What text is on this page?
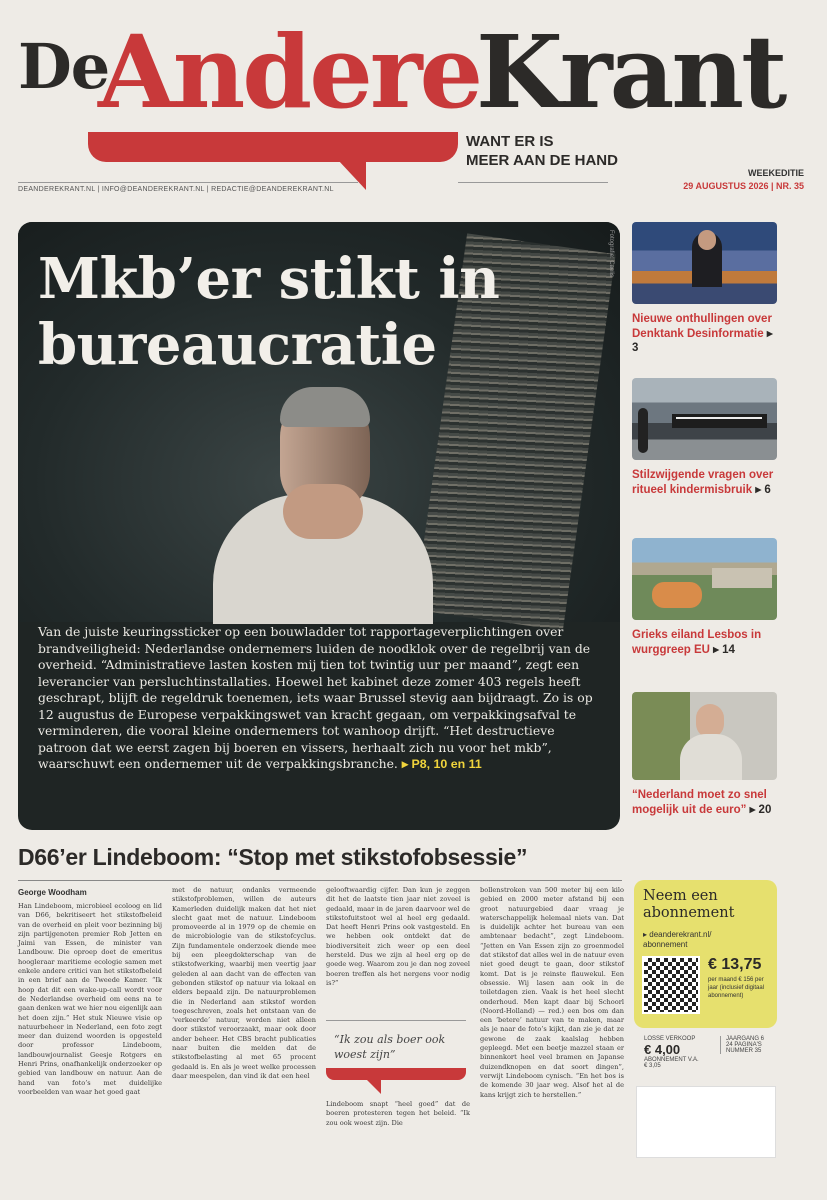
De
Andere
Krant
WANT ER IS
MEER AAN DE HAND
DEANDEREKRANT.NL | INFO@DEANDEREKRANT.NL | REDACTIE@DEANDEREKRANT.NL
WEEKEDITIE
29 AUGUSTUS 2026 | NR. 35
Fotografie: Caelis
Mkb’er stikt in
bureaucratie
Van de juiste keuringssticker op een bouwladder tot rapportageverplichtingen over brandveiligheid: Nederlandse ondernemers luiden de noodklok over de regelbrij van de overheid. “Administratieve lasten kosten mij tien tot twintig uur per maand”, zegt een leverancier van persluchtinstallaties. Hoewel het kabinet deze zomer 403 regels heeft geschrapt, blijft de regeldruk toenemen, iets waar Brussel stevig aan bijdraagt. Zo is op 12 augustus de Europese verpakkingswet van kracht gegaan, om verpakkingsafval te verminderen, die vooral kleine ondernemers tot wanhoop drijft. “Het destructieve patroon dat we eerst zagen bij boeren en vissers, herhaalt zich nu voor het mkb”, waarschuwt een ondernemer uit de verpakkingsbranche. ▸ P8, 10 en 11
Nieuwe onthullingen over Denktank Desinformatie ▸ 3
Stilzwijgende vragen over ritueel kindermisbruik ▸ 6
Grieks eiland Lesbos in wurggreep EU ▸ 14
“Nederland moet zo snel mogelijk uit de euro” ▸ 20
D66’er Lindeboom: “Stop met stikstofobsessie”
George Woodham
Han Lindeboom, microbieel ecoloog en lid van D66, bekritiseert het stikstofbeleid van de overheid en pleit voor bezinning bij zijn partijgenoten premier Rob Jetten en Jaimi van Essen, de minister van Landbouw. Die oproep doet de emeritus hoogleraar maritieme ecologie samen met enkele andere critici van het stikstofbeleid in een brief aan de Tweede Kamer. “Ik hoop dat dit een wake-up-call wordt voor de Nederlandse overheid om eens na te gaan denken wat we hier nou eigenlijk aan het doen zijn.” Het stuk Nieuwe visie op natuurbeheer in Nederland, een foto zegt meer dan duizend woorden is opgesteld door professor Lindeboom, landbouwjournalist Geesje Rotgers en Henri Prins, onafhankelijk onderzoeker op gebied van landbouw en natuur. Aan de hand van foto’s met duidelijke voorbeelden van waar het goed gaat
met de natuur, ondanks vermeende stikstofproblemen, willen de auteurs Kamerleden duidelijk maken dat het niet slecht gaat met de natuur. Lindeboom promoveerde al in 1979 op de chemie en de microbiologie van de stikstofcyclus. Zijn fundamentele onderzoek diende mee bij een pleegdokterschap van de stikstofwerking, waarbij men veertig jaar geleden al aan dacht van de effecten van gebonden stikstof op natuur via lokaal en elders bepaald zijn. De natuurproblemen die in Nederland aan stikstof worden toegeschreven, zoals het ontstaan van de ‘verkeerde’ natuur, worden niet alleen door stikstof veroorzaakt, maar ook door ander beheer. Het CBS bracht publicaties naar buiten die melden dat de stikstofbelasting al met 65 procent gedaald is. En als je weet welke processen daar meespelen, dan vind ik dat een heel
gelooftwaardig cijfer. Dan kun je zeggen dit het de laatste tien jaar niet zoveel is gedaald, maar in de jaren daarvoor wel de stikstofuitstoot wel al heel erg gedaald. Dat heeft Henri Prins ook vastgesteld. En we hebben ook ontdekt dat de biodiversiteit zich weer op een deel hersteld. Dus we zijn al heel erg op de goede weg. Waarom zou je dan nog zoveel boeren treffen als het nergens voor nodig is?”
“Ik zou als boer ook woest zijn”
Lindeboom snapt “heel goed” dat de boeren protesteren tegen het beleid. “Ik zou ook woest zijn. Die
bollenstroken van 500 meter bij een kilo gebied en 2000 meter afstand bij een groot natuurgebied daar vraag je waterschappelijk helemaal niets van. Dat is duidelijk achter het bureau van een ambtenaar bedacht”, zegt Lindeboom. “Jetten en Van Essen zijn zo groenmodel dat stikstof dat alles wel in de natuur even niet goed deugt te gaan, door stikstof komt. Dat is je reinste flauwekul. Een obsessie. Wij lasen aan ook in de toiletdagen zien. Vaak is het heel slecht onderhoud. Men kapt daar bij Schoorl (Noord-Holland) — red.) een bos om dan een ‘betere’ natuur van te maken, maar als je naar de foto’s kijkt, dan zie je dat ze gewone de zaak kaalslag hebben gepleegd. Met een beetje mazzel staan er binnenkort heel veel bramen en Japanse duizendknopen en dat soort dingen”, verwijt Lindeboom cynisch. “En het bos is de komende 30 jaar weg. Alsof het al de kans krijgt zich te herstellen.”
Neem een
abonnement
▸ deanderekrant.nl/
abonnement
€ 13,75
per maand € 156 per jaar (inclusief digitaal abonnement)
LOSSE VERKOOP
€ 4,00
ABONNEMENT V.A.
€ 3,05
JAARGANG 6
24 PAGINA'S
NUMMER 35
